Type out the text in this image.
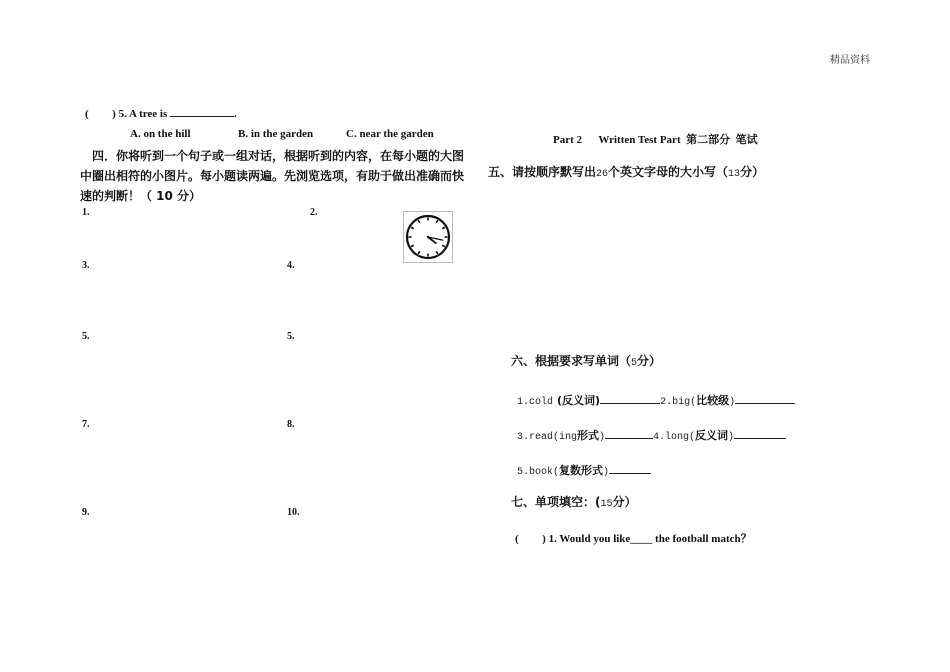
精品资料
( ) 5. A tree is	.
A. on the hill	B. in the garden	C. near the garden
四．你将听到一个句子或一组对话，根据听到的内容，在每小题的大图中圈出相符的小图片。每小题读两遍。先浏览选项，有助于做出准确而快速的判断！（ 10 分）
1.	2.
3.	4.
5.	5.
7.	8.
9.	10.
Part 2      Written Test Part  第二部分  笔试
五、请按顺序默写出26个英文字母的大小写（13分）
六、根据要求写单词（5分）
1.cold (反义词)	2.big(比较级)
3.read(ing形式)	4.long(反义词)
5.book(复数形式)
七、单项填空：(15分）
( ) 1. Would you like____ the football match？
